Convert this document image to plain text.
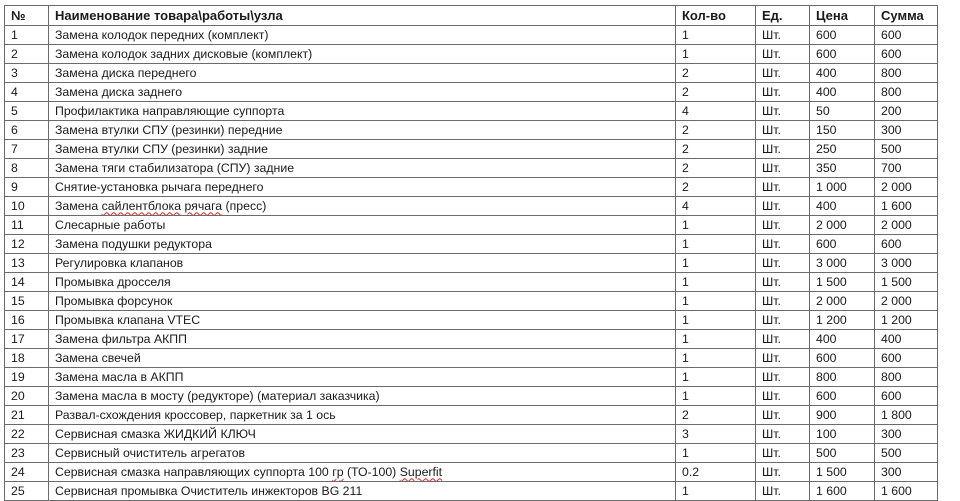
№	Наименование товара\работы\узла	Кол-во	Ед.	Цена	Сумма
1	Замена колодок передних (комплект)	1	Шт.	600	600
2	Замена колодок задних дисковые (комплект)	1	Шт.	600	600
3	Замена диска переднего	2	Шт.	400	800
4	Замена диска заднего	2	Шт.	400	800
5	Профилактика направляющие суппорта	4	Шт.	50	200
6	Замена втулки СПУ (резинки) передние	2	Шт.	150	300
7	Замена втулки СПУ (резинки) задние	2	Шт.	250	500
8	Замена тяги стабилизатора (СПУ) задние	2	Шт.	350	700
9	Снятие-установка рычага переднего	2	Шт.	1 000	2 000
10	Замена сайлентблока рячага (пресс)	4	Шт.	400	1 600
11	Слесарные работы	1	Шт.	2 000	2 000
12	Замена подушки редуктора	1	Шт.	600	600
13	Регулировка клапанов	1	Шт.	3 000	3 000
14	Промывка дросселя	1	Шт.	1 500	1 500
15	Промывка форсунок	1	Шт.	2 000	2 000
16	Промывка клапана VTEC	1	Шт.	1 200	1 200
17	Замена фильтра АКПП	1	Шт.	400	400
18	Замена свечей	1	Шт.	600	600
19	Замена масла в АКПП	1	Шт.	800	800
20	Замена масла в мосту (редукторе) (материал заказчика)	1	Шт.	600	600
21	Развал-схождения кроссовер, паркетник за 1 ось	2	Шт.	900	1 800
22	Сервисная смазка ЖИДКИЙ КЛЮЧ	3	Шт.	100	300
23	Сервисный очиститель агрегатов	1	Шт.	500	500
24	Сервисная смазка направляющих суппорта 100 гр (ТО-100) Superfit	0.2	Шт.	1 500	300
25	Сервисная промывка Очиститель инжекторов BG 211	1	Шт.	1 600	1 600
